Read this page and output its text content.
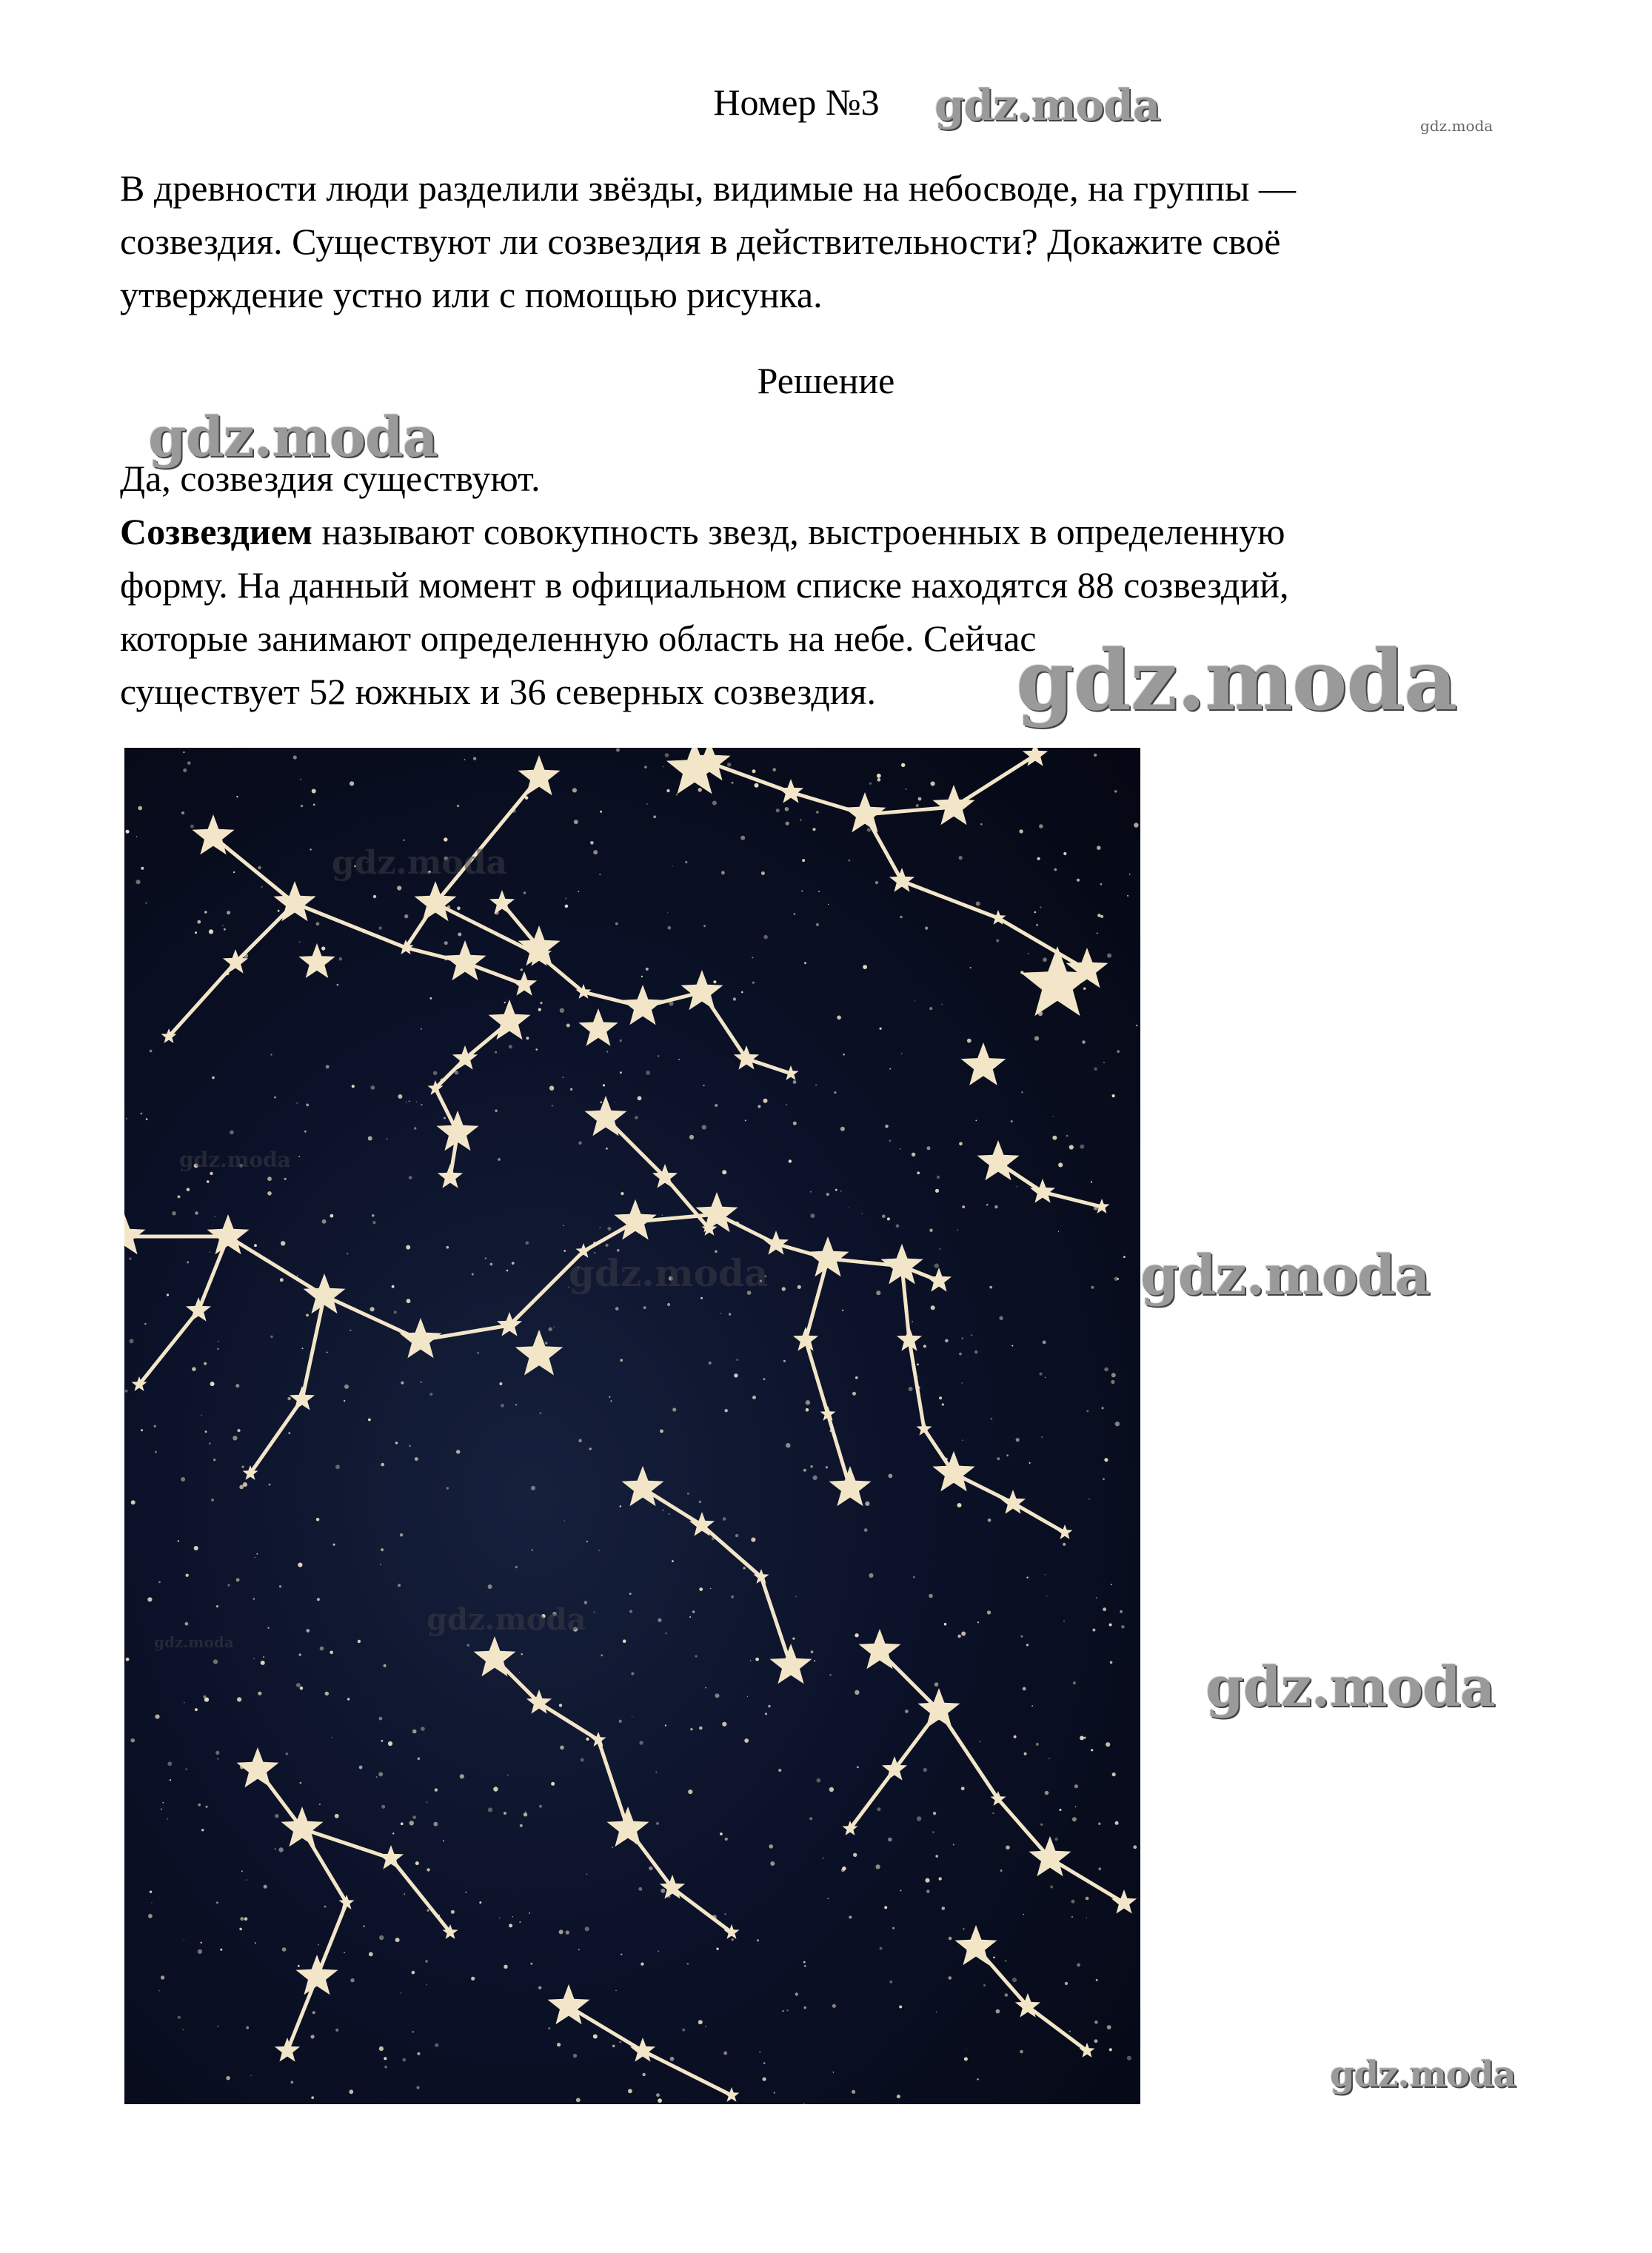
Номер №3	gdz.moda	gdz.moda

В древности люди разделили звёзды, видимые на небосводе, на группы —

созвездия. Существуют ли созвездия в действительности? Докажите своё

утверждение устно или с помощью рисунка.

Решение
gdz.moda

Да, созвездия существуют.

Созвездием называют совокупность звезд, выстроенных в определенную

форму. На данный момент в официальном списке находятся 88 созвездий,

которые занимают определенную область на небе. Сейчас

существует 52 южных и 36 северных созвездия.	gdz.moda
gdz.moda
gdz.moda
gdz.moda
gdz.moda
gdz.moda
gdz.moda
gdz.moda
gdz.moda
